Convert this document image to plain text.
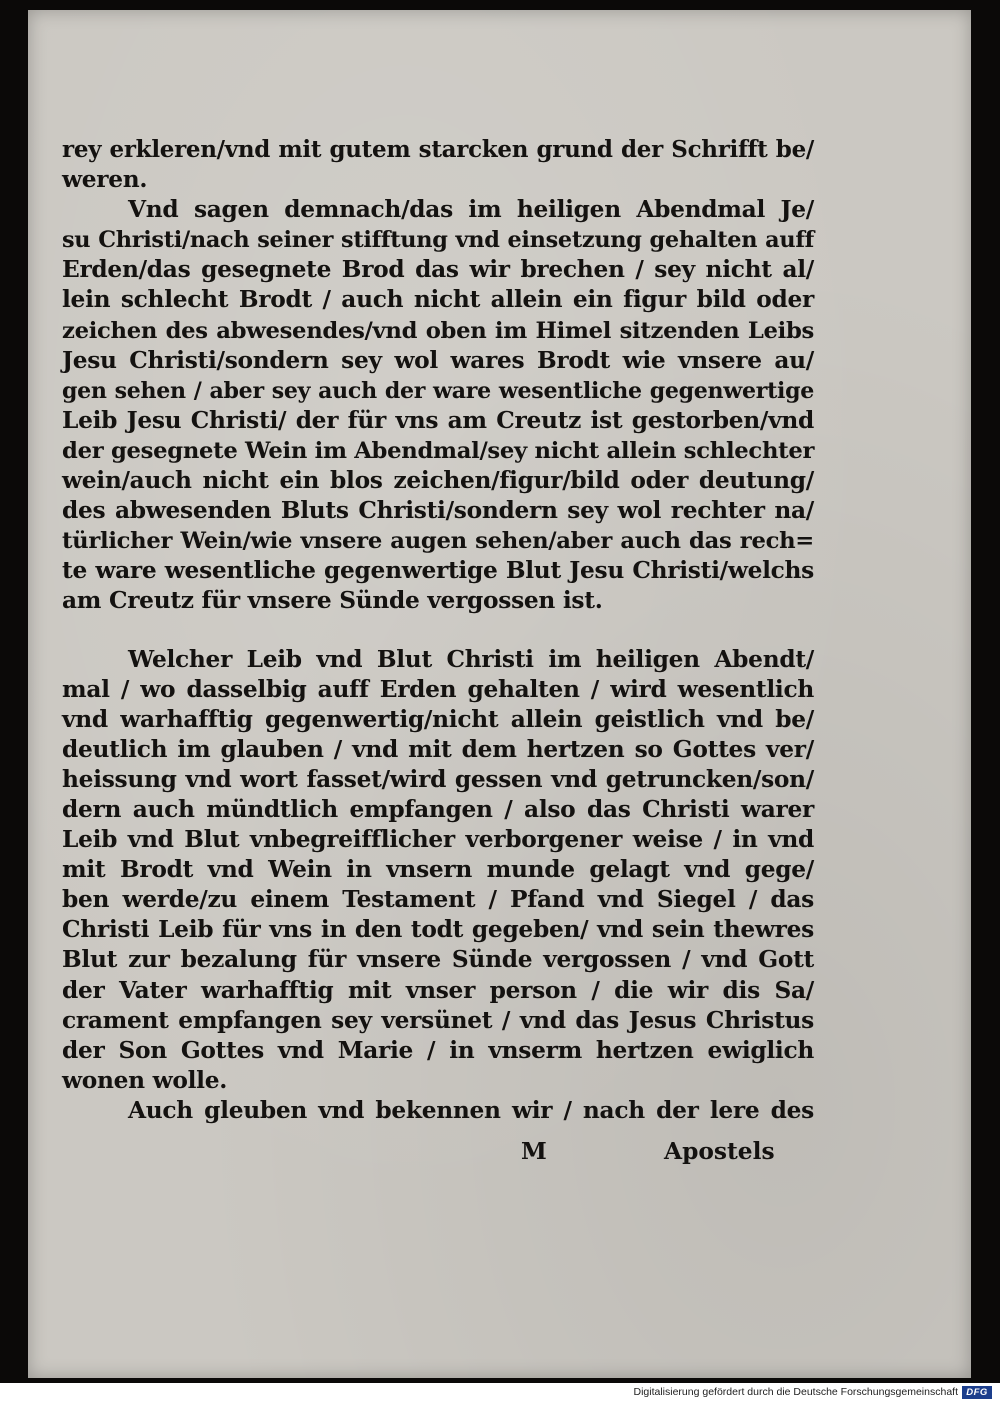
rey erkleren/vnd mit gutem starcken grund der Schrifft be/
weren.
Vnd sagen demnach/das im heiligen Abendmal Je/
su Christi/nach seiner stifftung vnd einsetzung gehalten auff
Erden/das gesegnete Brod das wir brechen / sey nicht al/
lein schlecht Brodt / auch nicht allein ein figur bild oder
zeichen des abwesendes/vnd oben im Himel sitzenden Leibs
Jesu Christi/sondern sey wol wares Brodt wie vnsere au/
gen sehen / aber sey auch der ware wesentliche gegenwertige
Leib Jesu Christi/ der für vns am Creutz ist gestorben/vnd
der gesegnete Wein im Abendmal/sey nicht allein schlechter
wein/auch nicht ein blos zeichen/figur/bild oder deutung/
des abwesenden Bluts Christi/sondern sey wol rechter na/
türlicher Wein/wie vnsere augen sehen/aber auch das rech=
te ware wesentliche gegenwertige Blut Jesu Christi/welchs
am Creutz für vnsere Sünde vergossen ist.
Welcher Leib vnd Blut Christi im heiligen Abendt/
mal / wo dasselbig auff Erden gehalten / wird wesentlich
vnd warhafftig gegenwertig/nicht allein geistlich vnd be/
deutlich im glauben / vnd mit dem hertzen so Gottes ver/
heissung vnd wort fasset/wird gessen vnd getruncken/son/
dern auch mündtlich empfangen / also das Christi warer
Leib vnd Blut vnbegreifflicher verborgener weise / in vnd
mit Brodt vnd Wein in vnsern munde gelagt vnd gege/
ben werde/zu einem Testament / Pfand vnd Siegel / das
Christi Leib für vns in den todt gegeben/ vnd sein thewres
Blut zur bezalung für vnsere Sünde vergossen / vnd Gott
der Vater warhafftig mit vnser person / die wir dis Sa/
crament empfangen sey versünet / vnd das Jesus Christus
der Son Gottes vnd Marie / in vnserm hertzen ewiglich
wonen wolle.
Auch gleuben vnd bekennen wir / nach der lere des
M	Apostels
Digitalisierung gefördert durch die Deutsche Forschungsgemeinschaft DFG
